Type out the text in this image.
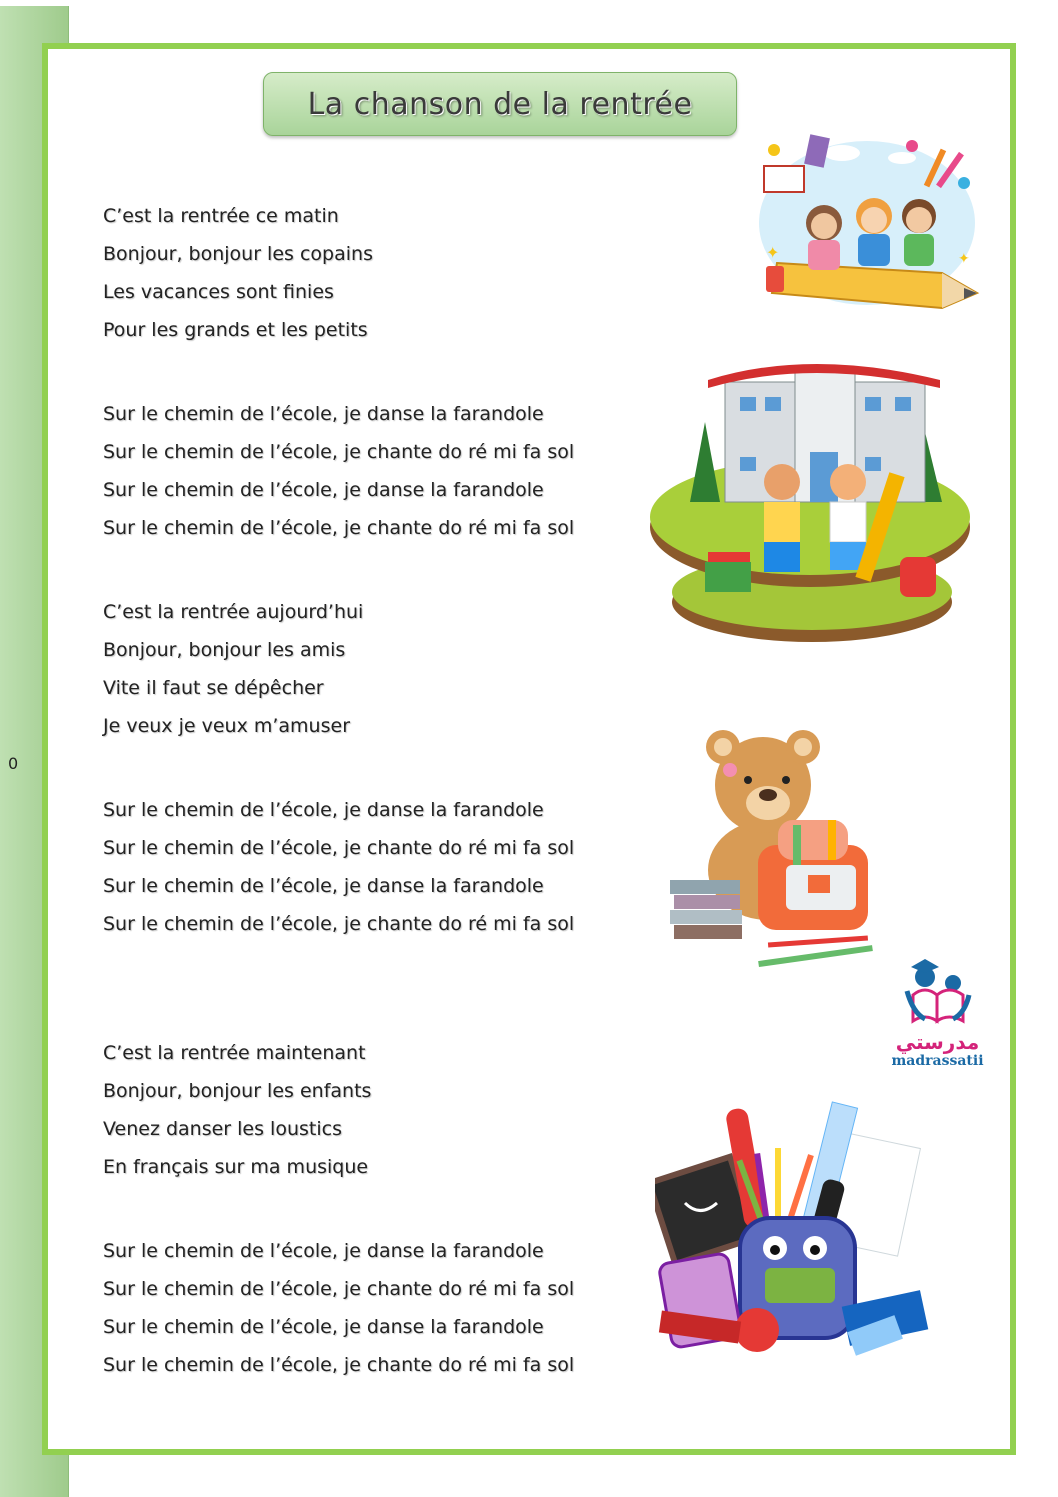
0
La chanson de la rentrée
C’est la rentrée ce matin
Bonjour, bonjour les copains
Les vacances sont finies
Pour les grands et les petits
Sur le chemin de l’école, je danse la farandole
Sur le chemin de l’école, je chante do ré mi fa sol
Sur le chemin de l’école, je danse la farandole
Sur le chemin de l’école, je chante do ré mi fa sol
C’est la rentrée aujourd’hui
Bonjour, bonjour les amis
Vite il faut se dépêcher
Je veux je veux m’amuser
Sur le chemin de l’école, je danse la farandole
Sur le chemin de l’école, je chante do ré mi fa sol
Sur le chemin de l’école, je danse la farandole
Sur le chemin de l’école, je chante do ré mi fa sol
C’est la rentrée maintenant
Bonjour, bonjour les enfants
Venez danser les loustics
En français sur ma musique
Sur le chemin de l’école, je danse la farandole
Sur le chemin de l’école, je chante do ré mi fa sol
Sur le chemin de l’école, je danse la farandole
Sur le chemin de l’école, je chante do ré mi fa sol
✦	✦
مدرستي
madrassatii
